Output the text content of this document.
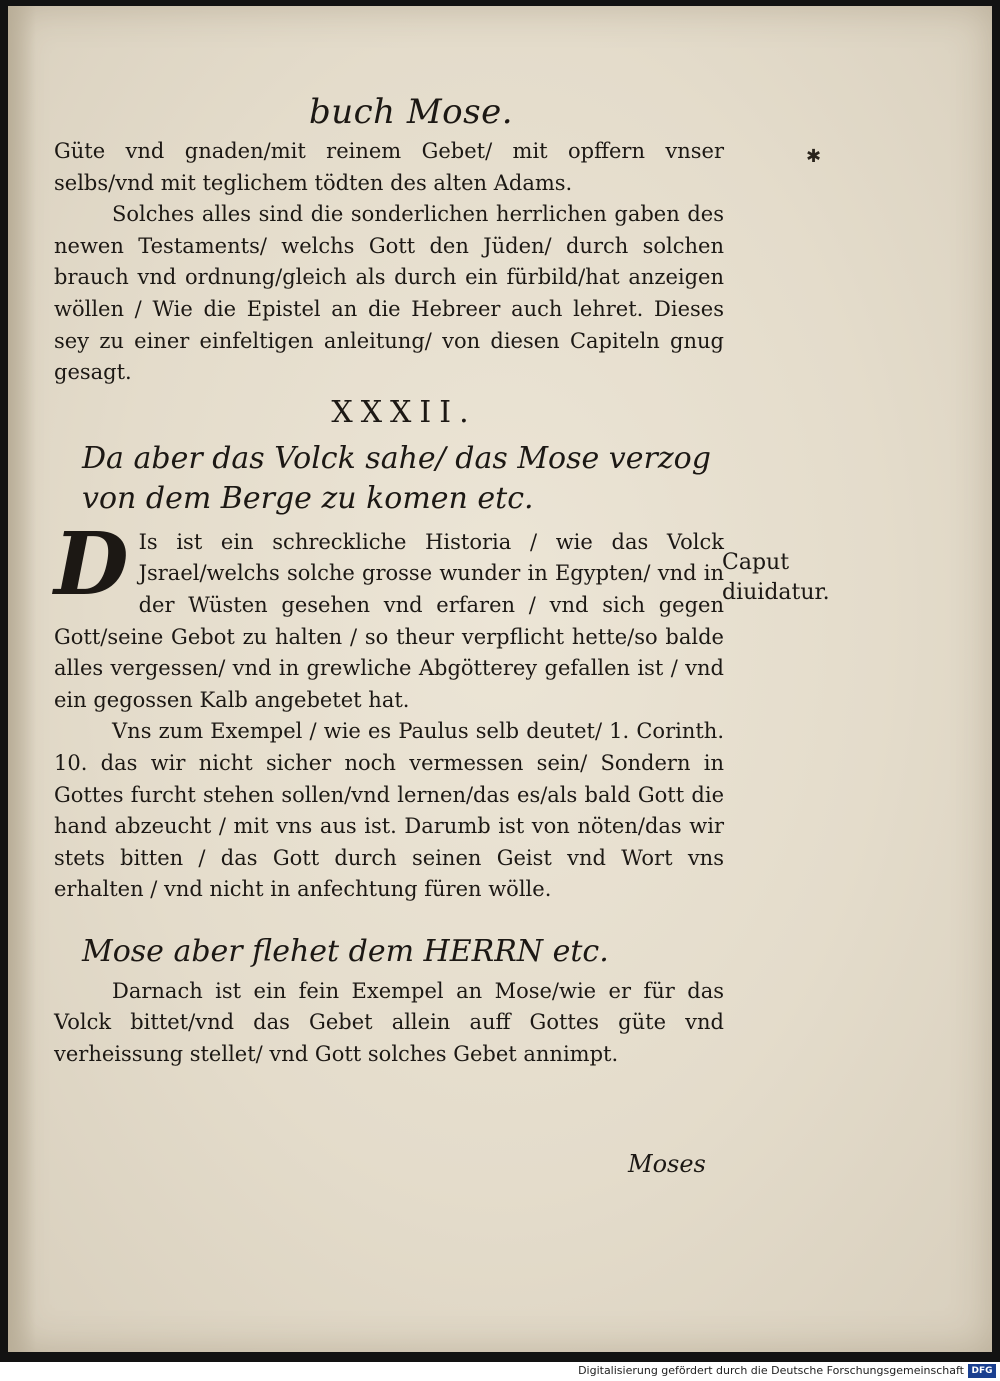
✱
buch Mose.

Güte vnd gnaden/mit reinem Gebet/ mit opffern vnser selbs/vnd mit teglichem tödten des alten Adams.

Solches alles sind die sonderlichen herrlichen gaben des newen Testaments/ welchs Gott den Jüden/ durch solchen brauch vnd ordnung/gleich als durch ein fürbild/hat anzeigen wöllen / Wie die Epistel an die Hebreer auch lehret. Dieses sey zu einer einfeltigen anleitung/ von diesen Capiteln gnug gesagt.

XXXII.
Da aber das Volck sahe/ das Mose verzog von dem Berge zu komen etc.

D Is ist ein schreckliche Historia / wie das Volck Jsrael/welchs solche grosse wunder in Egypten/ vnd in der Wüsten gesehen vnd erfaren / vnd sich gegen Gott/seine Gebot zu halten / so theur verpflicht hette/so balde alles vergessen/ vnd in grewliche Abgötterey gefallen ist / vnd ein gegossen Kalb angebetet hat.

Vns zum Exempel / wie es Paulus selb deutet/ 1. Corinth. 10. das wir nicht sicher noch vermessen sein/ Sondern in Gottes furcht stehen sollen/vnd lernen/das es/als bald Gott die hand abzeucht / mit vns aus ist. Darumb ist von nöten/das wir stets bitten / das Gott durch seinen Geist vnd Wort vns erhalten / vnd nicht in anfechtung füren wölle.

Mose aber flehet dem HERRN etc.

Darnach ist ein fein Exempel an Mose/wie er für das Volck bittet/vnd das Gebet allein auff Gottes güte vnd verheissung stellet/ vnd Gott solches Gebet annimpt.

Caput diuidatur.
Moses
Digitalisierung gefördert durch die Deutsche Forschungsgemeinschaft DFG
